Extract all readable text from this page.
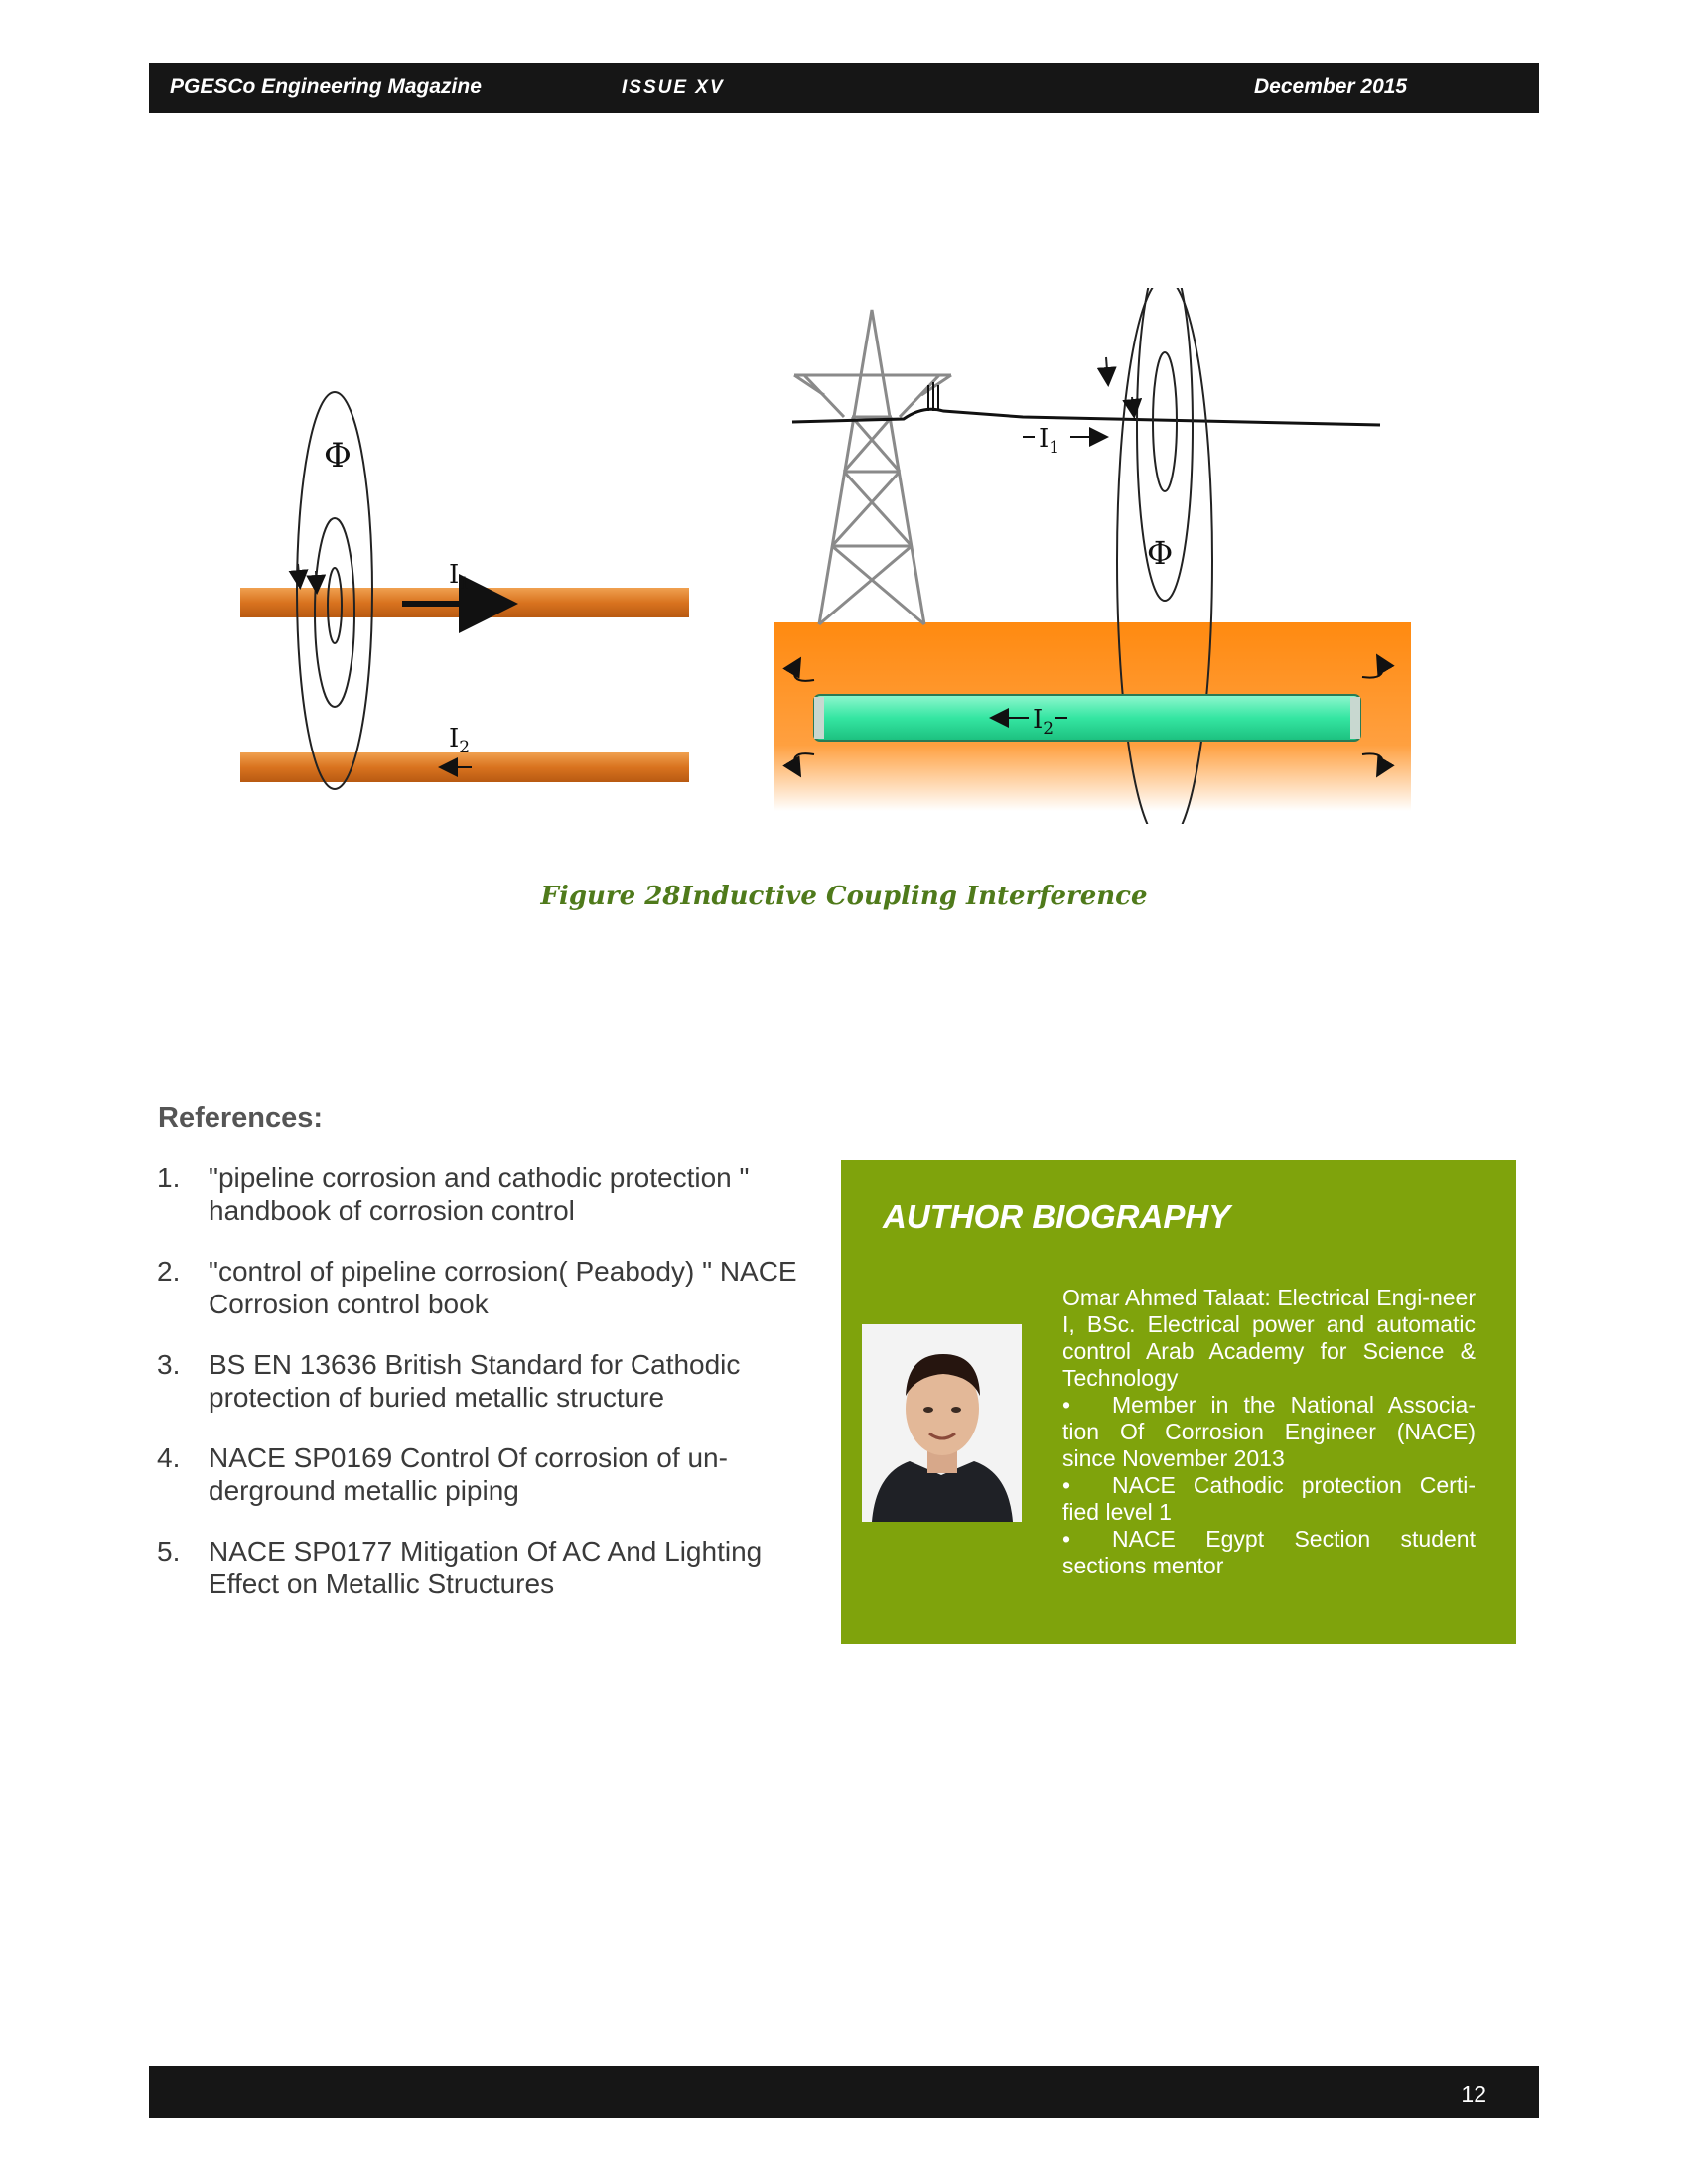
PGESCo Engineering Magazine	ISSUE XV	December 2015
Φ
$I_1$
$I_2$
$I_1$
Φ
$I_2$
Figure 28Inductive Coupling Interference
References:
1. "pipeline corrosion and cathodic protection " handbook of corrosion control
2. "control of pipeline corrosion( Peabody) " NACE Corrosion control book
3. BS EN 13636 British Standard for Cathodic protection of buried metallic structure
4. NACE SP0169 Control Of corrosion of un-derground metallic piping
5. NACE SP0177 Mitigation Of AC And Lighting Effect on Metallic Structures
AUTHOR BIOGRAPHY

Omar Ahmed Talaat: Electrical Engi-neer I, BSc. Electrical power and automatic control Arab Academy for Science & Technology

• Member in the National Associa-tion Of Corrosion Engineer (NACE) since November 2013
• NACE Cathodic protection Certi-fied level 1
• NACE Egypt Section student sections mentor
12
